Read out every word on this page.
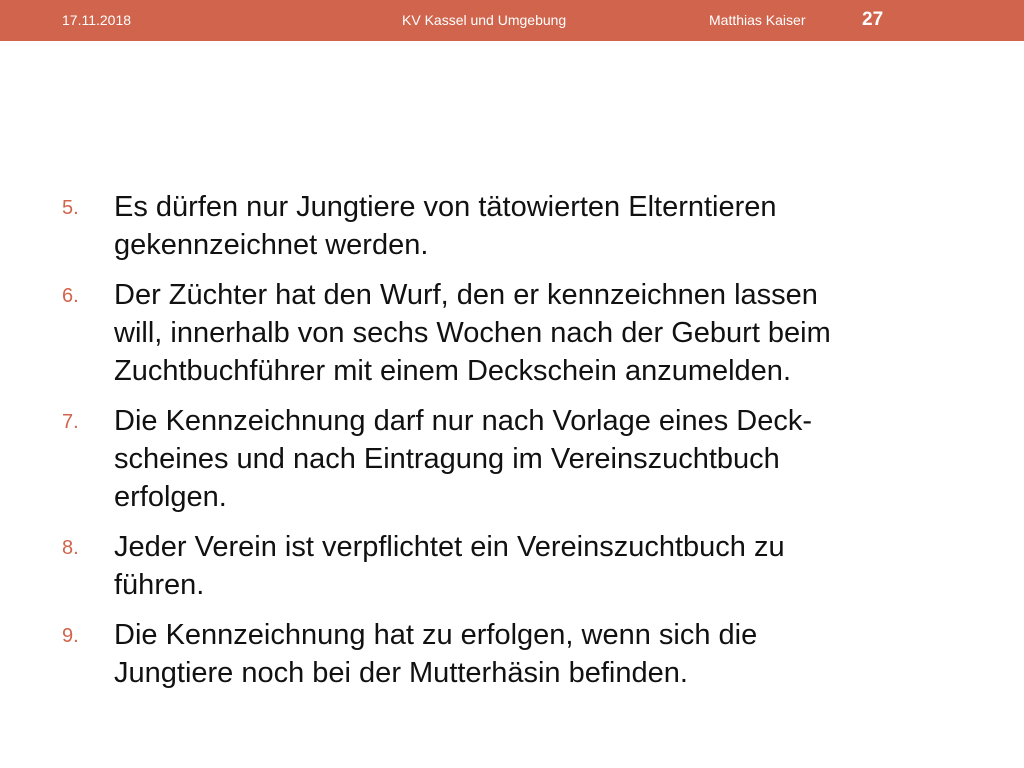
17.11.2018	KV Kassel und Umgebung	Matthias Kaiser	27
5.	Es dürfen nur Jungtiere von tätowierten Elterntieren
gekennzeichnet werden.
6.	Der Züchter hat den Wurf, den er kennzeichnen lassen
will, innerhalb von sechs Wochen nach der Geburt beim
Zuchtbuchführer mit einem Deckschein anzumelden.
7.	Die Kennzeichnung darf nur nach Vorlage eines Deck-
scheines und nach Eintragung im Vereinszuchtbuch
erfolgen.
8.	Jeder Verein ist verpflichtet ein Vereinszuchtbuch zu
führen.
9.	Die Kennzeichnung hat zu erfolgen, wenn sich die
Jungtiere noch bei der Mutterhäsin befinden.
